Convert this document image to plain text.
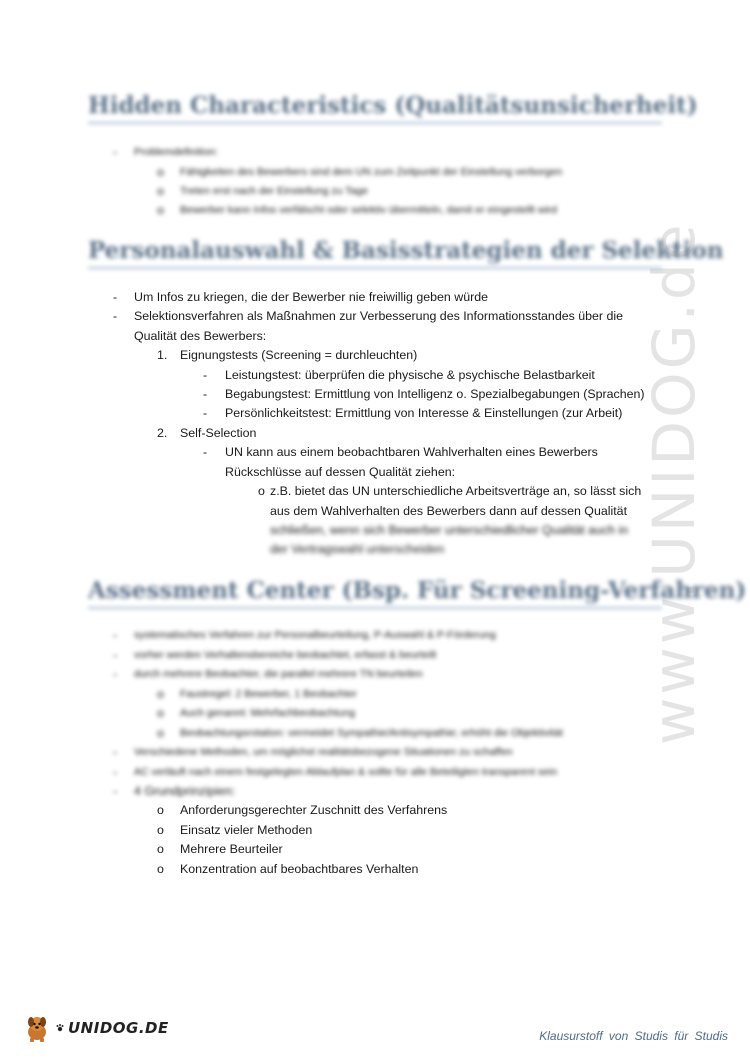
www.UNIDOG.de
Hidden Characteristics (Qualitätsunsicherheit)
- Problemdefinition:
o Fähigkeiten des Bewerbers sind dem UN zum Zeitpunkt der Einstellung verborgen
o Treten erst nach der Einstellung zu Tage
o Bewerber kann Infos verfälscht oder selektiv übermitteln, damit er eingestellt wird
Personalauswahl & Basisstrategien der Selektion
- Um Infos zu kriegen, die der Bewerber nie freiwillig geben würde
- Selektionsverfahren als Maßnahmen zur Verbesserung des Informationsstandes über die
Qualität des Bewerbers:
1. Eignungstests (Screening = durchleuchten)
- Leistungstest: überprüfen die physische & psychische Belastbarkeit
- Begabungstest: Ermittlung von Intelligenz o. Spezialbegabungen (Sprachen)
- Persönlichkeitstest: Ermittlung von Interesse & Einstellungen (zur Arbeit)
2. Self-Selection
- UN kann aus einem beobachtbaren Wahlverhalten eines Bewerbers
Rückschlüsse auf dessen Qualität ziehen:
o z.B. bietet das UN unterschiedliche Arbeitsverträge an, so lässt sich
aus dem Wahlverhalten des Bewerbers dann auf dessen Qualität
schließen, wenn sich Bewerber unterschiedlicher Qualität auch in
der Vertragswahl unterscheiden
Assessment Center (Bsp. Für Screening-Verfahren)
- systematisches Verfahren zur Personalbeurteilung, P-Auswahl & P-Förderung
- vorher werden Verhaltensbereiche beobachtet, erfasst & beurteilt
- durch mehrere Beobachter, die parallel mehrere TN beurteilen
o Faustregel: 2 Bewerber, 1 Beobachter
o Auch genannt: Mehrfachbeobachtung
o Beobachtungsrotation: vermeidet Sympathie/Antisympathie; erhöht die Objektivität
- Verschiedene Methoden, um möglichst realitätsbezogene Situationen zu schaffen
- AC verläuft nach einem festgelegten Ablaufplan & sollte für alle Beteiligten transparent sein
- 4 Grundprinzipien:
o Anforderungsgerechter Zuschnitt des Verfahrens
o Einsatz vieler Methoden
o Mehrere Beurteiler
o Konzentration auf beobachtbares Verhalten
UNIDOG.DE	Klausurstoff von Studis für Studis
